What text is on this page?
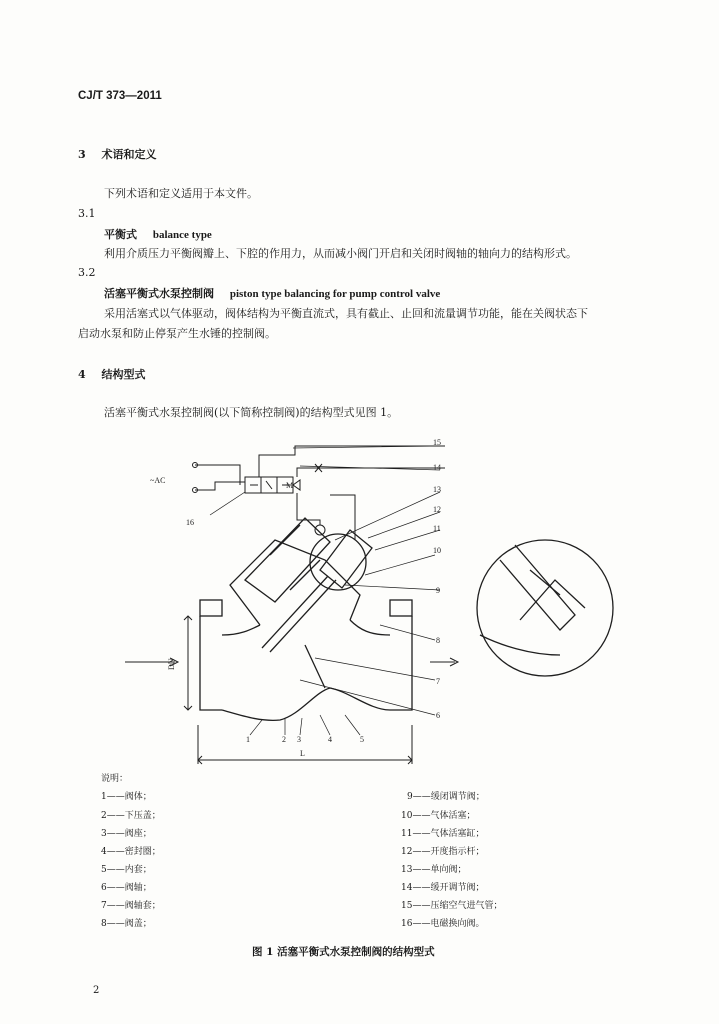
CJ/T 373—2011
3 术语和定义
下列术语和定义适用于本文件。
3.1
平衡式 balance type
利用介质压力平衡阀瓣上、下腔的作用力，从而减小阀门开启和关闭时阀轴的轴向力的结构形式。
3.2
活塞平衡式水泵控制阀 piston type balancing for pump control valve
采用活塞式以气体驱动，阀体结构为平衡直流式，具有截止、止回和流量调节功能，能在关阀状态下
启动水泵和防止停泵产生水锤的控制阀。
4 结构型式
活塞平衡式水泵控制阀(以下简称控制阀)的结构型式见图 1。
~AC
M
DN
L
1	2 3	4	5
6
7
8
9
10
11
12
13
14
15
16
说明：
1——阀体；
2——下压盖；
3——阀座；
4——密封圈；
5——内套；
6——阀轴；
7——阀轴套；
8——阀盖；
9——缓闭调节阀；
10——气体活塞；
11——气体活塞缸；
12——开度指示杆；
13——单向阀；
14——缓开调节阀；
15——压缩空气进气管；
16——电磁换向阀。
图 1 活塞平衡式水泵控制阀的结构型式
2
